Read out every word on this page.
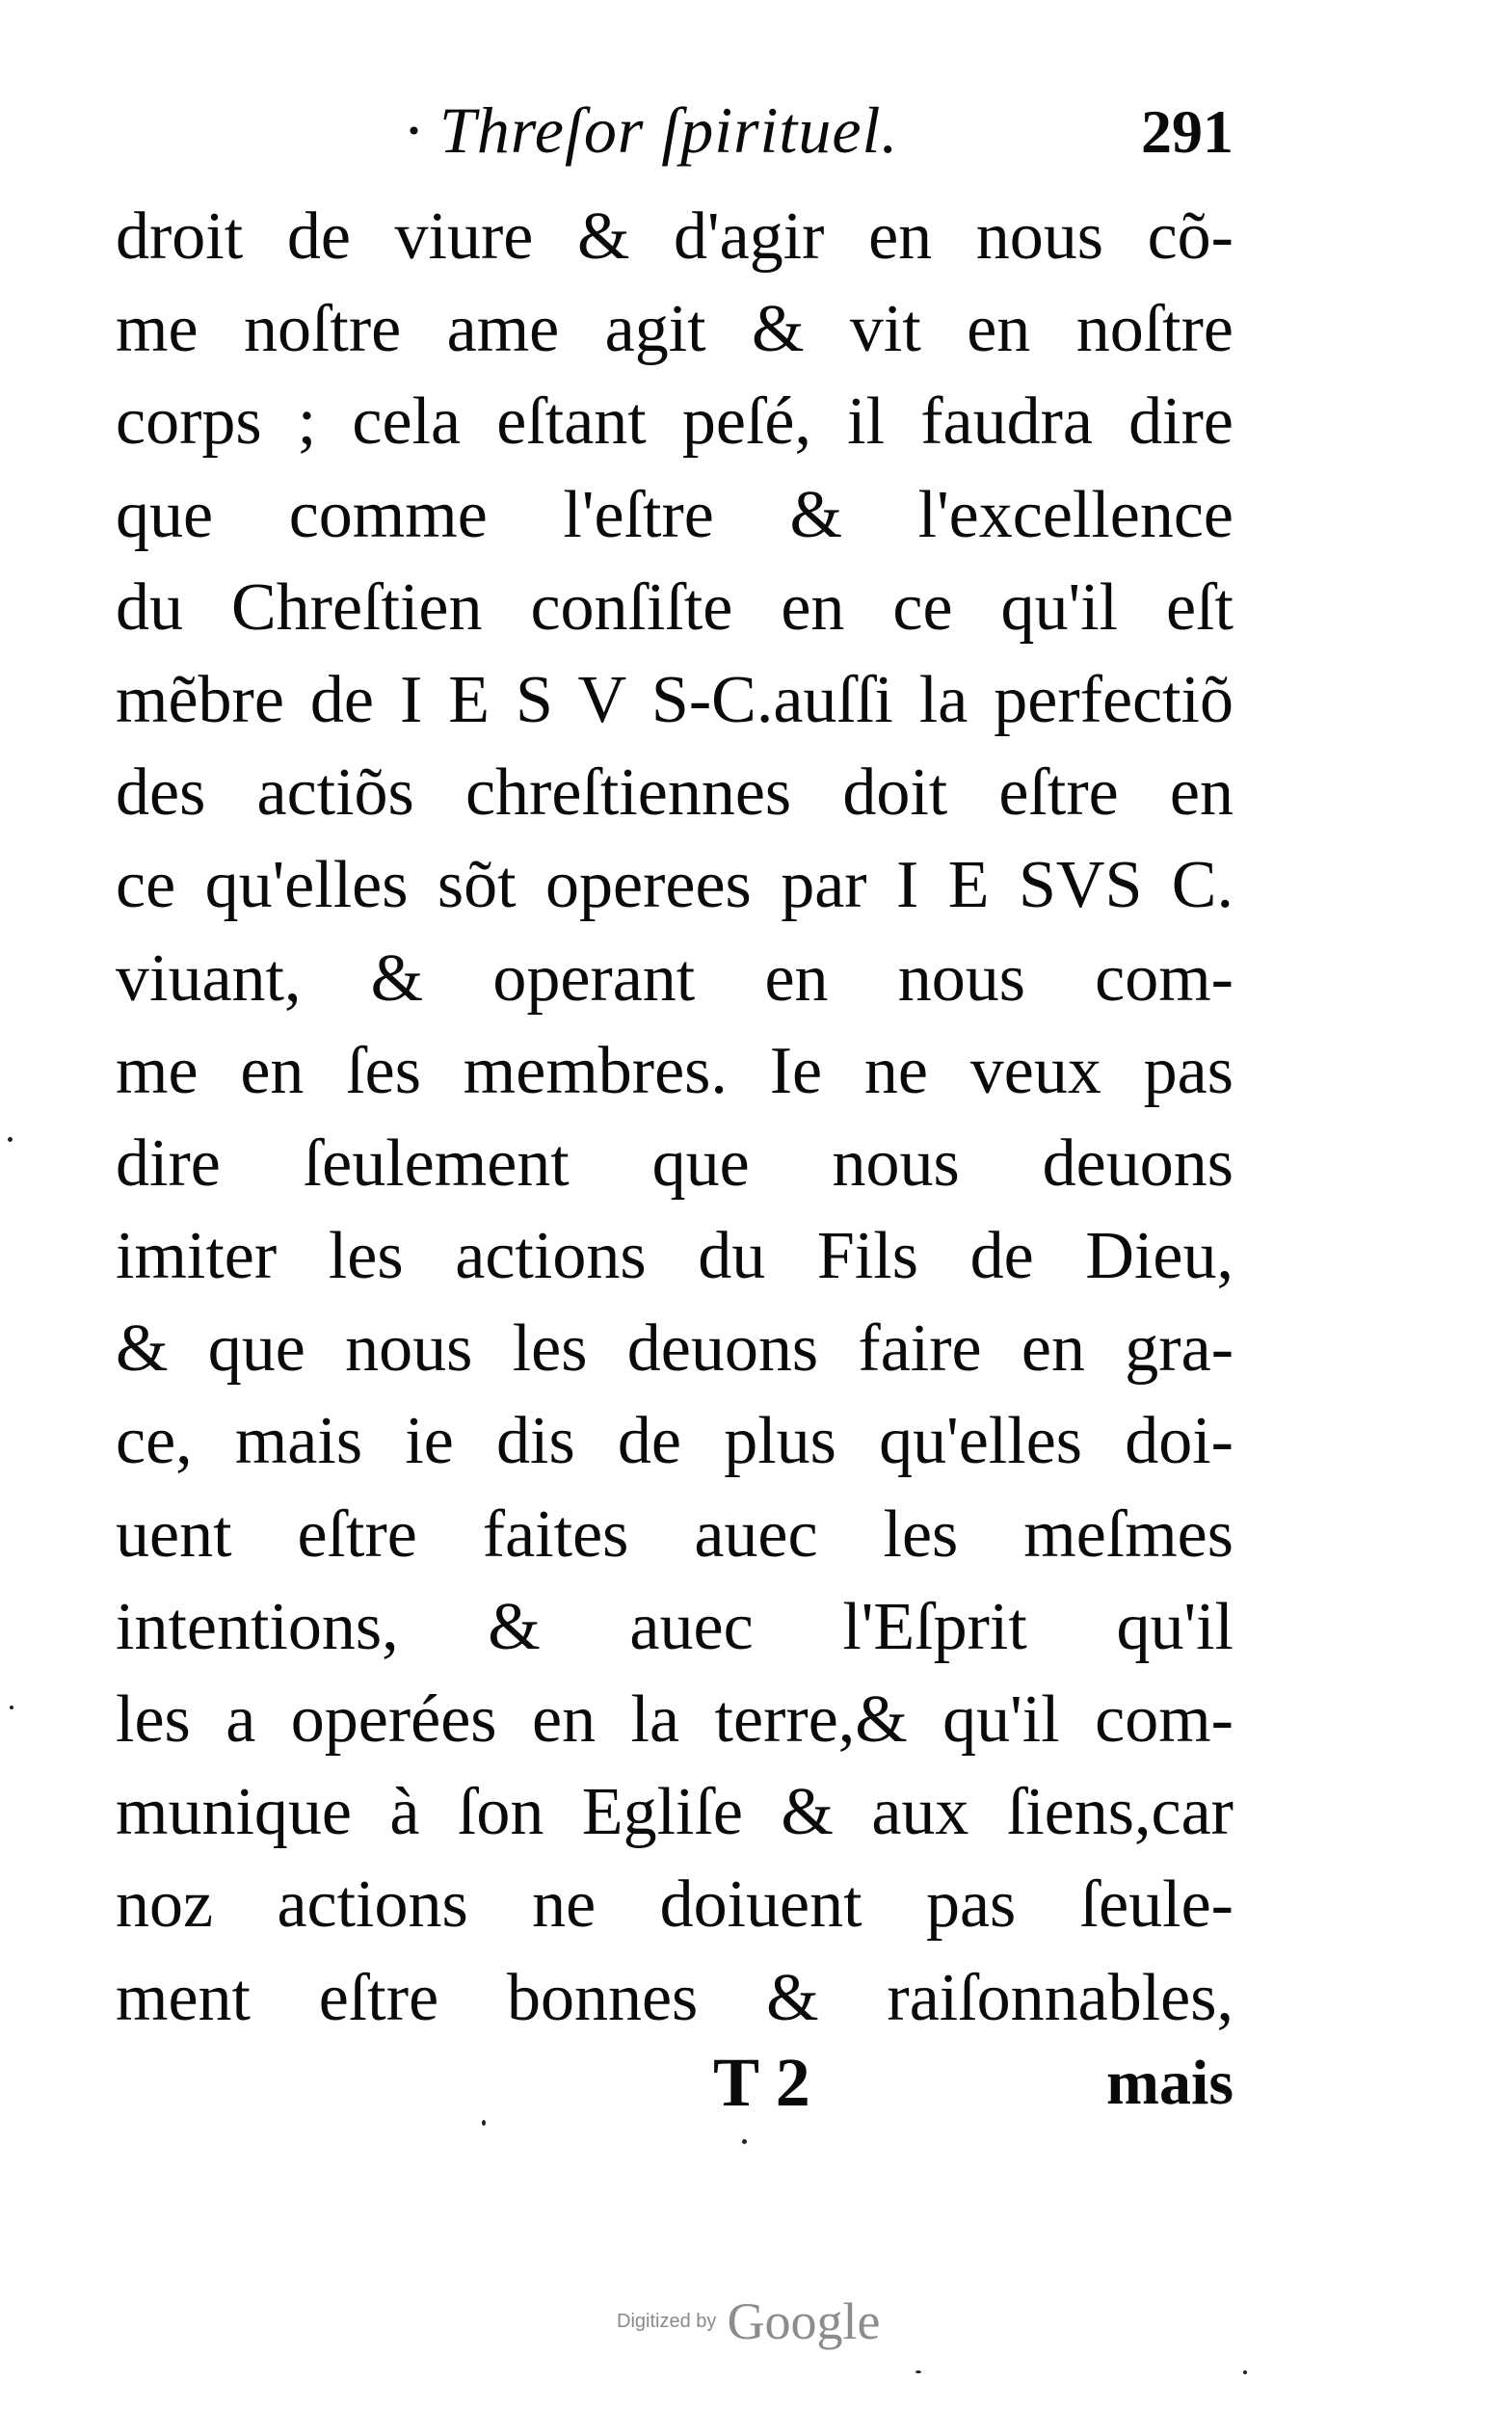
· Threſor ſpirituel.	291
droit de viure & d'agir en nous cõ-
me noſtre ame agit & vit en noſtre
corps ; cela eſtant peſé, il faudra dire
que comme l'eſtre & l'excellence
du Chreſtien conſiſte en ce qu'il eſt
mẽbre de I E S V S-C.auſſi la perfectiõ
des actiõs chreſtiennes doit eſtre en
ce qu'elles sõt operees par I E SVS C.
viuant, & operant en nous com-
me en ſes membres. Ie ne veux pas
dire ſeulement que nous deuons
imiter les actions du Fils de Dieu,
& que nous les deuons faire en gra-
ce, mais ie dis de plus qu'elles doi-
uent eſtre faites auec les meſmes
intentions, & auec l'Eſprit qu'il
les a operées en la terre,& qu'il com-
munique à ſon Egliſe & aux ſiens,car
noz actions ne doiuent pas ſeule-
ment eſtre bonnes & raiſonnables,
T 2	mais
Digitized by Google
